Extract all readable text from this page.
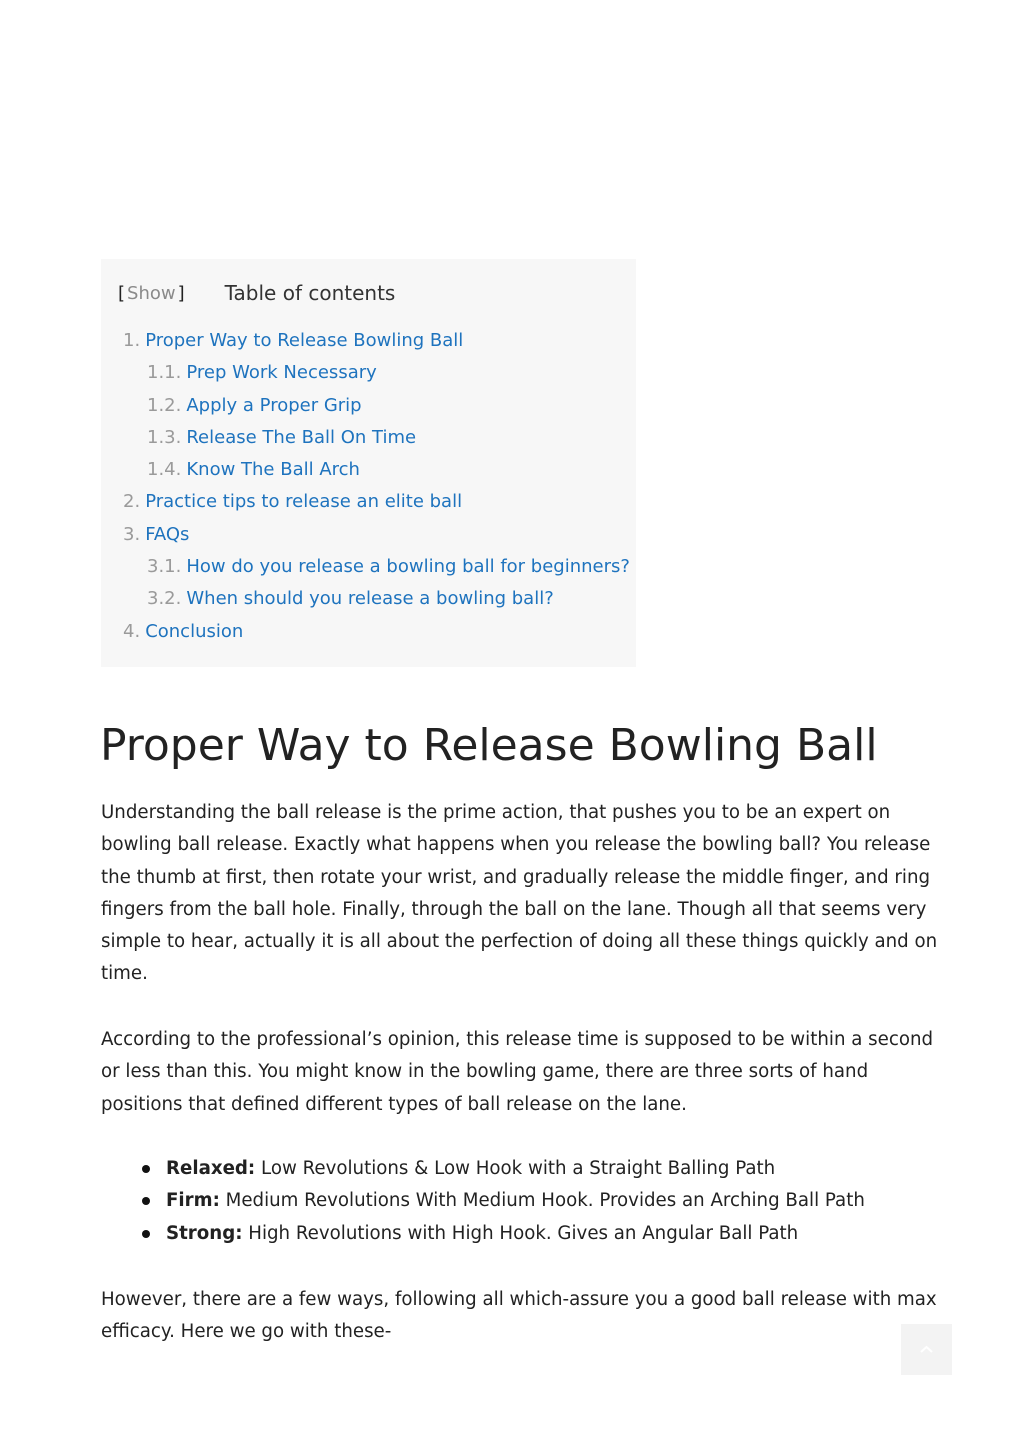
[ Show ] Table of contents
1. Proper Way to Release Bowling Ball
1.1. Prep Work Necessary
1.2. Apply a Proper Grip
1.3. Release The Ball On Time
1.4. Know The Ball Arch
2. Practice tips to release an elite ball
3. FAQs
3.1. How do you release a bowling ball for beginners?
3.2. When should you release a bowling ball?
4. Conclusion
Proper Way to Release Bowling Ball

Understanding the ball release is the prime action, that pushes you to be an expert on bowling ball release. Exactly what happens when you release the bowling ball? You release the thumb at first, then rotate your wrist, and gradually release the middle finger, and ring fingers from the ball hole. Finally, through the ball on the lane. Though all that seems very simple to hear, actually it is all about the perfection of doing all these things quickly and on time.

According to the professional’s opinion, this release time is supposed to be within a second or less than this. You might know in the bowling game, there are three sorts of hand positions that defined different types of ball release on the lane.

Relaxed: Low Revolutions & Low Hook with a Straight Balling Path
Firm: Medium Revolutions With Medium Hook. Provides an Arching Ball Path
Strong: High Revolutions with High Hook. Gives an Angular Ball Path

However, there are a few ways, following all which-assure you a good ball release with max efficacy. Here we go with these-
